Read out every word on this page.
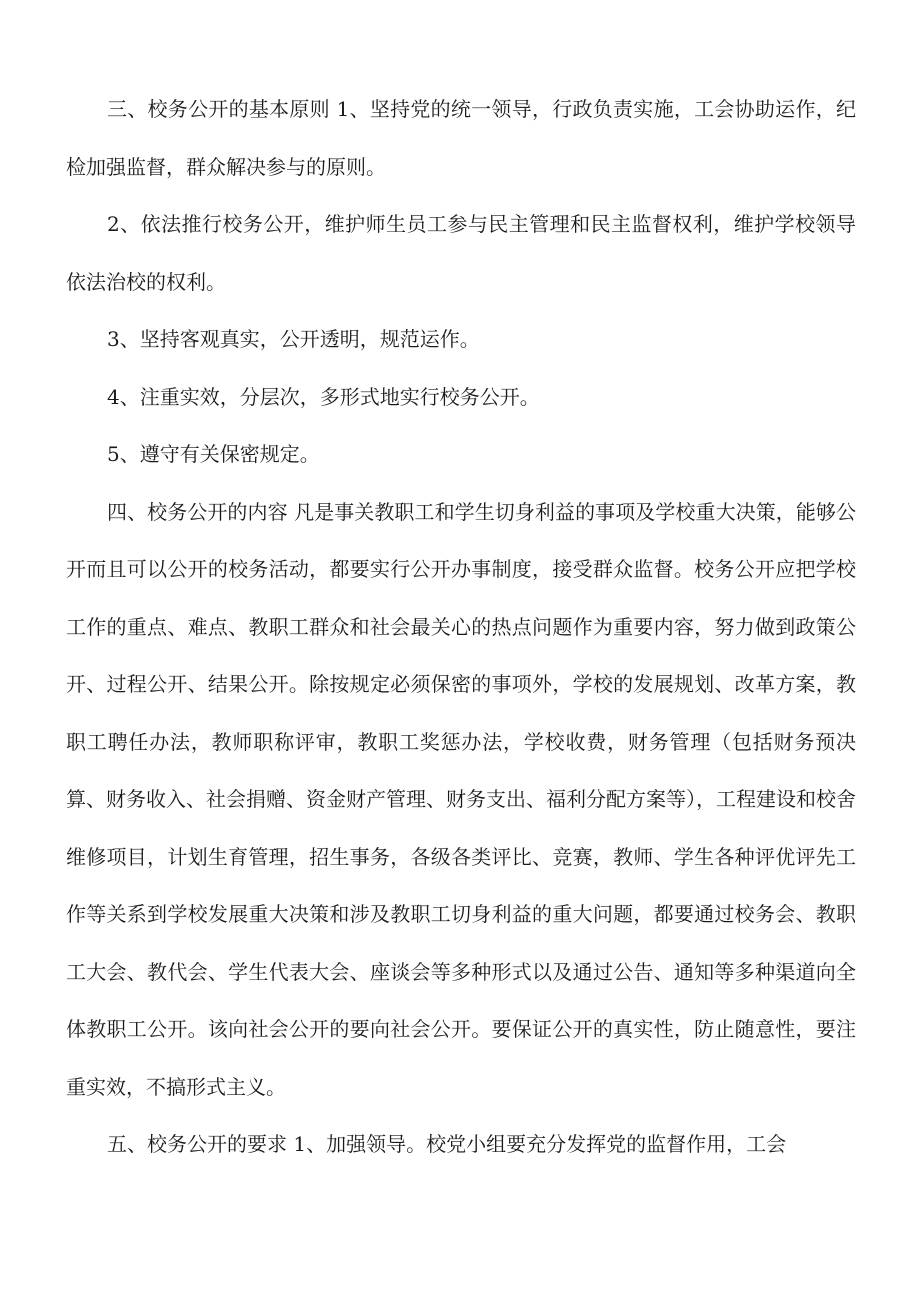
三、校务公开的基本原则 1、坚持党的统一领导，行政负责实施，工会协助运作，纪检加强监督，群众解决参与的原则。

2、依法推行校务公开，维护师生员工参与民主管理和民主监督权利，维护学校领导依法治校的权利。

3、坚持客观真实，公开透明，规范运作。

4、注重实效，分层次，多形式地实行校务公开。

5、遵守有关保密规定。

四、校务公开的内容 凡是事关教职工和学生切身利益的事项及学校重大决策，能够公开而且可以公开的校务活动，都要实行公开办事制度，接受群众监督。校务公开应把学校工作的重点、难点、教职工群众和社会最关心的热点问题作为重要内容，努力做到政策公开、过程公开、结果公开。除按规定必须保密的事项外，学校的发展规划、改革方案，教职工聘任办法，教师职称评审，教职工奖惩办法，学校收费，财务管理（包括财务预决算、财务收入、社会捐赠、资金财产管理、财务支出、福利分配方案等），工程建设和校舍维修项目，计划生育管理，招生事务，各级各类评比、竞赛，教师、学生各种评优评先工作等关系到学校发展重大决策和涉及教职工切身利益的重大问题，都要通过校务会、教职工大会、教代会、学生代表大会、座谈会等多种形式以及通过公告、通知等多种渠道向全体教职工公开。该向社会公开的要向社会公开。要保证公开的真实性，防止随意性，要注重实效，不搞形式主义。

五、校务公开的要求 1、加强领导。校党小组要充分发挥党的监督作用，工会
